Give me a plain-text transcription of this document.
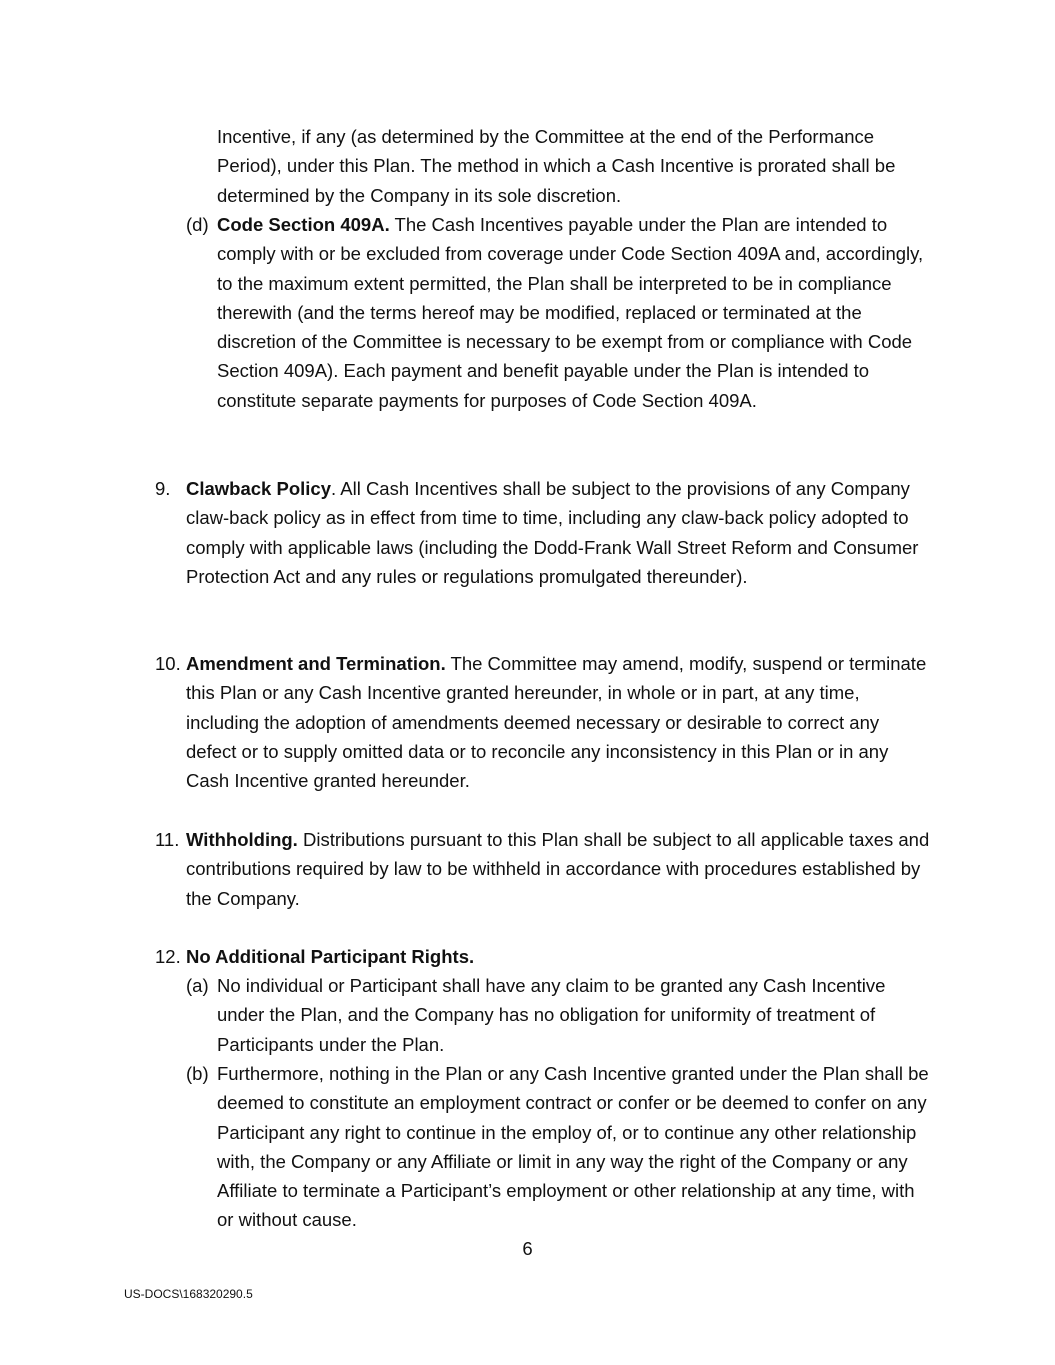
Incentive, if any (as determined by the Committee at the end of the Performance Period), under this Plan. The method in which a Cash Incentive is prorated shall be determined by the Company in its sole discretion.
(d) Code Section 409A. The Cash Incentives payable under the Plan are intended to comply with or be excluded from coverage under Code Section 409A and, accordingly, to the maximum extent permitted, the Plan shall be interpreted to be in compliance therewith (and the terms hereof may be modified, replaced or terminated at the discretion of the Committee is necessary to be exempt from or compliance with Code Section 409A). Each payment and benefit payable under the Plan is intended to constitute separate payments for purposes of Code Section 409A.
9. Clawback Policy. All Cash Incentives shall be subject to the provisions of any Company claw-back policy as in effect from time to time, including any claw-back policy adopted to comply with applicable laws (including the Dodd-Frank Wall Street Reform and Consumer Protection Act and any rules or regulations promulgated thereunder).
10. Amendment and Termination. The Committee may amend, modify, suspend or terminate this Plan or any Cash Incentive granted hereunder, in whole or in part, at any time, including the adoption of amendments deemed necessary or desirable to correct any defect or to supply omitted data or to reconcile any inconsistency in this Plan or in any Cash Incentive granted hereunder.
11. Withholding. Distributions pursuant to this Plan shall be subject to all applicable taxes and contributions required by law to be withheld in accordance with procedures established by the Company.
12. No Additional Participant Rights.
(a) No individual or Participant shall have any claim to be granted any Cash Incentive under the Plan, and the Company has no obligation for uniformity of treatment of Participants under the Plan.
(b) Furthermore, nothing in the Plan or any Cash Incentive granted under the Plan shall be deemed to constitute an employment contract or confer or be deemed to confer on any Participant any right to continue in the employ of, or to continue any other relationship with, the Company or any Affiliate or limit in any way the right of the Company or any Affiliate to terminate a Participant’s employment or other relationship at any time, with or without cause.
6
US-DOCS\168320290.5
